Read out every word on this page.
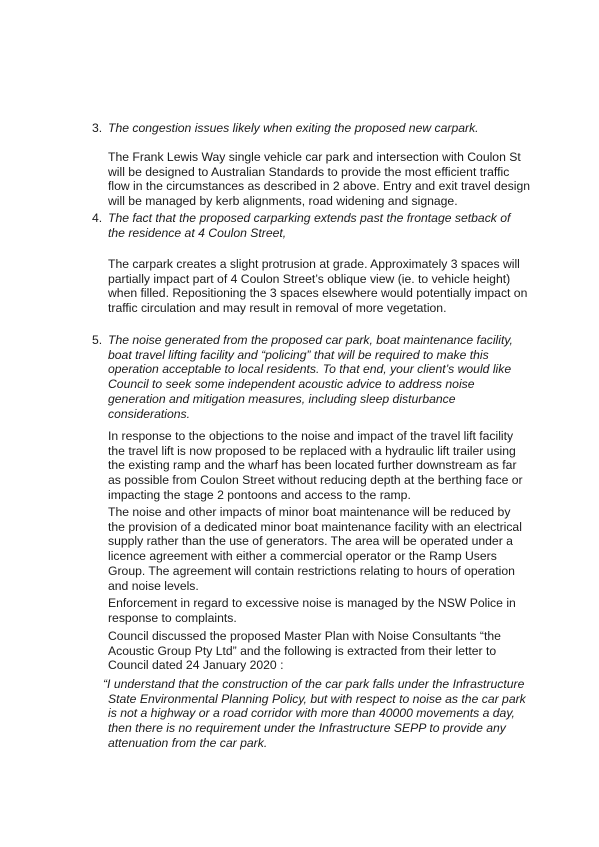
3. The congestion issues likely when exiting the proposed new carpark.
The Frank Lewis Way single vehicle car park and intersection with Coulon St
will be designed to Australian Standards to provide the most efficient traffic
flow in the circumstances as described in 2 above. Entry and exit travel design
will be managed by kerb alignments, road widening and signage.
4. The fact that the proposed carparking extends past the frontage setback of
the residence at 4 Coulon Street,
The carpark creates a slight protrusion at grade. Approximately 3 spaces will
partially impact part of 4 Coulon Street’s oblique view (ie. to vehicle height)
when filled. Repositioning the 3 spaces elsewhere would potentially impact on
traffic circulation and may result in removal of more vegetation.
5. The noise generated from the proposed car park, boat maintenance facility,
boat travel lifting facility and “policing” that will be required to make this
operation acceptable to local residents. To that end, your client’s would like
Council to seek some independent acoustic advice to address noise
generation and mitigation measures, including sleep disturbance
considerations.
In response to the objections to the noise and impact of the travel lift facility
the travel lift is now proposed to be replaced with a hydraulic lift trailer using
the existing ramp and the wharf has been located further downstream as far
as possible from Coulon Street without reducing depth at the berthing face or
impacting the stage 2 pontoons and access to the ramp.
The noise and other impacts of minor boat maintenance will be reduced by
the provision of a dedicated minor boat maintenance facility with an electrical
supply rather than the use of generators. The area will be operated under a
licence agreement with either a commercial operator or the Ramp Users
Group. The agreement will contain restrictions relating to hours of operation
and noise levels.
Enforcement in regard to excessive noise is managed by the NSW Police in
response to complaints.
Council discussed the proposed Master Plan with Noise Consultants “the
Acoustic Group Pty Ltd” and the following is extracted from their letter to
Council dated 24 January 2020 :
“I understand that the construction of the car park falls under the Infrastructure
State Environmental Planning Policy, but with respect to noise as the car park
is not a highway or a road corridor with more than 40000 movements a day,
then there is no requirement under the Infrastructure SEPP to provide any
attenuation from the car park.
